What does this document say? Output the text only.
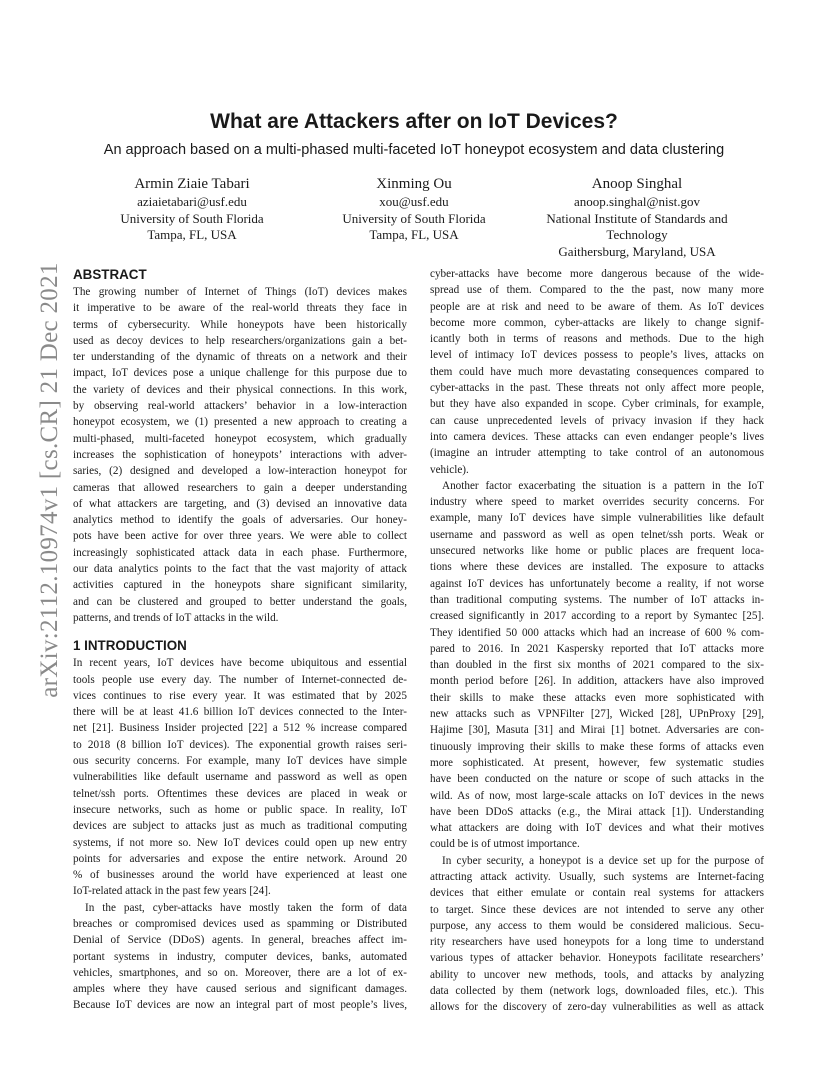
What are Attackers after on IoT Devices?
An approach based on a multi-phased multi-faceted IoT honeypot ecosystem and data clustering
Armin Ziaie Tabari
aziaietabari@usf.edu
University of South Florida
Tampa, FL, USA
Xinming Ou
xou@usf.edu
University of South Florida
Tampa, FL, USA
Anoop Singhal
anoop.singhal@nist.gov
National Institute of Standards and
Technology
Gaithersburg, Maryland, USA
arXiv:2112.10974v1 [cs.CR] 21 Dec 2021 ABSTRACT
The growing number of Internet of Things (IoT) devices makes
it imperative to be aware of the real-world threats they face in
terms of cybersecurity. While honeypots have been historically
used as decoy devices to help researchers/organizations gain a bet-
ter understanding of the dynamic of threats on a network and their
impact, IoT devices pose a unique challenge for this purpose due to
the variety of devices and their physical connections. In this work,
by observing real-world attackers’ behavior in a low-interaction
honeypot ecosystem, we (1) presented a new approach to creating a
multi-phased, multi-faceted honeypot ecosystem, which gradually
increases the sophistication of honeypots’ interactions with adver-
saries, (2) designed and developed a low-interaction honeypot for
cameras that allowed researchers to gain a deeper understanding
of what attackers are targeting, and (3) devised an innovative data
analytics method to identify the goals of adversaries. Our honey-
pots have been active for over three years. We were able to collect
increasingly sophisticated attack data in each phase. Furthermore,
our data analytics points to the fact that the vast majority of attack
activities captured in the honeypots share significant similarity,
and can be clustered and grouped to better understand the goals,
patterns, and trends of IoT attacks in the wild.
1 INTRODUCTION
In recent years, IoT devices have become ubiquitous and essential
tools people use every day. The number of Internet-connected de-
vices continues to rise every year. It was estimated that by 2025
there will be at least 41.6 billion IoT devices connected to the Inter-
net [21]. Business Insider projected [22] a 512 % increase compared
to 2018 (8 billion IoT devices). The exponential growth raises seri-
ous security concerns. For example, many IoT devices have simple
vulnerabilities like default username and password as well as open
telnet/ssh ports. Oftentimes these devices are placed in weak or
insecure networks, such as home or public space. In reality, IoT
devices are subject to attacks just as much as traditional computing
systems, if not more so. New IoT devices could open up new entry
points for adversaries and expose the entire network. Around 20
% of businesses around the world have experienced at least one
IoT-related attack in the past few years [24].
In the past, cyber-attacks have mostly taken the form of data
breaches or compromised devices used as spamming or Distributed
Denial of Service (DDoS) agents. In general, breaches affect im-
portant systems in industry, computer devices, banks, automated
vehicles, smartphones, and so on. Moreover, there are a lot of ex-
amples where they have caused serious and significant damages.
Because IoT devices are now an integral part of most people’s lives,
cyber-attacks have become more dangerous because of the wide-
spread use of them. Compared to the the past, now many more
people are at risk and need to be aware of them. As IoT devices
become more common, cyber-attacks are likely to change signif-
icantly both in terms of reasons and methods. Due to the high
level of intimacy IoT devices possess to people’s lives, attacks on
them could have much more devastating consequences compared to
cyber-attacks in the past. These threats not only affect more people,
but they have also expanded in scope. Cyber criminals, for example,
can cause unprecedented levels of privacy invasion if they hack
into camera devices. These attacks can even endanger people’s lives
(imagine an intruder attempting to take control of an autonomous
vehicle).
Another factor exacerbating the situation is a pattern in the IoT
industry where speed to market overrides security concerns. For
example, many IoT devices have simple vulnerabilities like default
username and password as well as open telnet/ssh ports. Weak or
unsecured networks like home or public places are frequent loca-
tions where these devices are installed. The exposure to attacks
against IoT devices has unfortunately become a reality, if not worse
than traditional computing systems. The number of IoT attacks in-
creased significantly in 2017 according to a report by Symantec [25].
They identified 50 000 attacks which had an increase of 600 % com-
pared to 2016. In 2021 Kaspersky reported that IoT attacks more
than doubled in the first six months of 2021 compared to the six-
month period before [26]. In addition, attackers have also improved
their skills to make these attacks even more sophisticated with
new attacks such as VPNFilter [27], Wicked [28], UPnProxy [29],
Hajime [30], Masuta [31] and Mirai [1] botnet. Adversaries are con-
tinuously improving their skills to make these forms of attacks even
more sophisticated. At present, however, few systematic studies
have been conducted on the nature or scope of such attacks in the
wild. As of now, most large-scale attacks on IoT devices in the news
have been DDoS attacks (e.g., the Mirai attack [1]). Understanding
what attackers are doing with IoT devices and what their motives
could be is of utmost importance.
In cyber security, a honeypot is a device set up for the purpose of
attracting attack activity. Usually, such systems are Internet-facing
devices that either emulate or contain real systems for attackers
to target. Since these devices are not intended to serve any other
purpose, any access to them would be considered malicious. Secu-
rity researchers have used honeypots for a long time to understand
various types of attacker behavior. Honeypots facilitate researchers’
ability to uncover new methods, tools, and attacks by analyzing
data collected by them (network logs, downloaded files, etc.). This
allows for the discovery of zero-day vulnerabilities as well as attack
